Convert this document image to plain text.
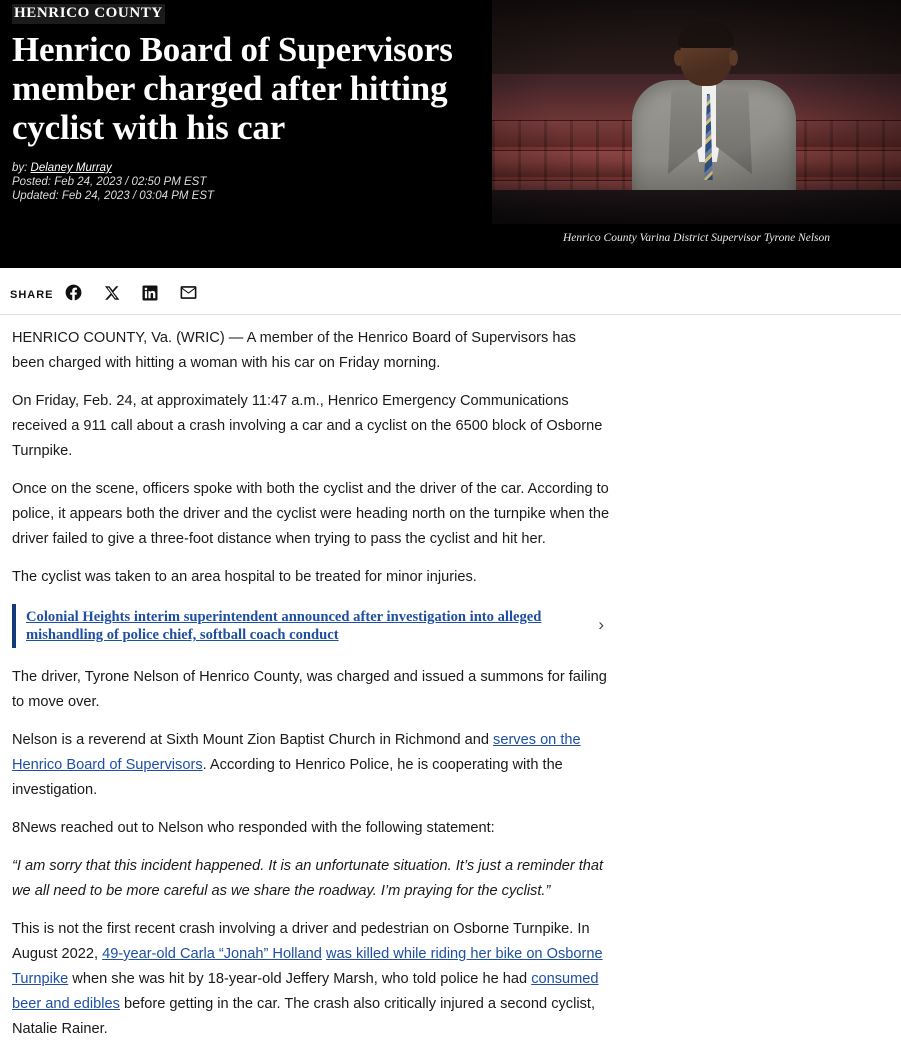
HENRICO COUNTY
Henrico Board of Supervisors member charged after hitting cyclist with his car
by: Delaney Murray
Posted: Feb 24, 2023 / 02:50 PM EST
Updated: Feb 24, 2023 / 03:04 PM EST
Henrico County Varina District Supervisor Tyrone Nelson
SHARE

HENRICO COUNTY, Va. (WRIC) — A member of the Henrico Board of Supervisors has been charged with hitting a woman with his car on Friday morning.

On Friday, Feb. 24, at approximately 11:47 a.m., Henrico Emergency Communications received a 911 call about a crash involving a car and a cyclist on the 6500 block of Osborne Turnpike.

Once on the scene, officers spoke with both the cyclist and the driver of the car. According to police, it appears both the driver and the cyclist were heading north on the turnpike when the driver failed to give a three-foot distance when trying to pass the cyclist and hit her.

The cyclist was taken to an area hospital to be treated for minor injuries.

Colonial Heights interim superintendent announced after investigation into alleged mishandling of police chief, softball coach conduct
›

The driver, Tyrone Nelson of Henrico County, was charged and issued a summons for failing to move over.

Nelson is a reverend at Sixth Mount Zion Baptist Church in Richmond and serves on the Henrico Board of Supervisors. According to Henrico Police, he is cooperating with the investigation.

8News reached out to Nelson who responded with the following statement:

“I am sorry that this incident happened. It is an unfortunate situation. It’s just a reminder that we all need to be more careful as we share the roadway. I’m praying for the cyclist.”

This is not the first recent crash involving a driver and pedestrian on Osborne Turnpike. In August 2022, 49-year-old Carla “Jonah” Holland was killed while riding her bike on Osborne Turnpike when she was hit by 18-year-old Jeffery Marsh, who told police he had consumed beer and edibles before getting in the car. The crash also critically injured a second cyclist, Natalie Rainer.
